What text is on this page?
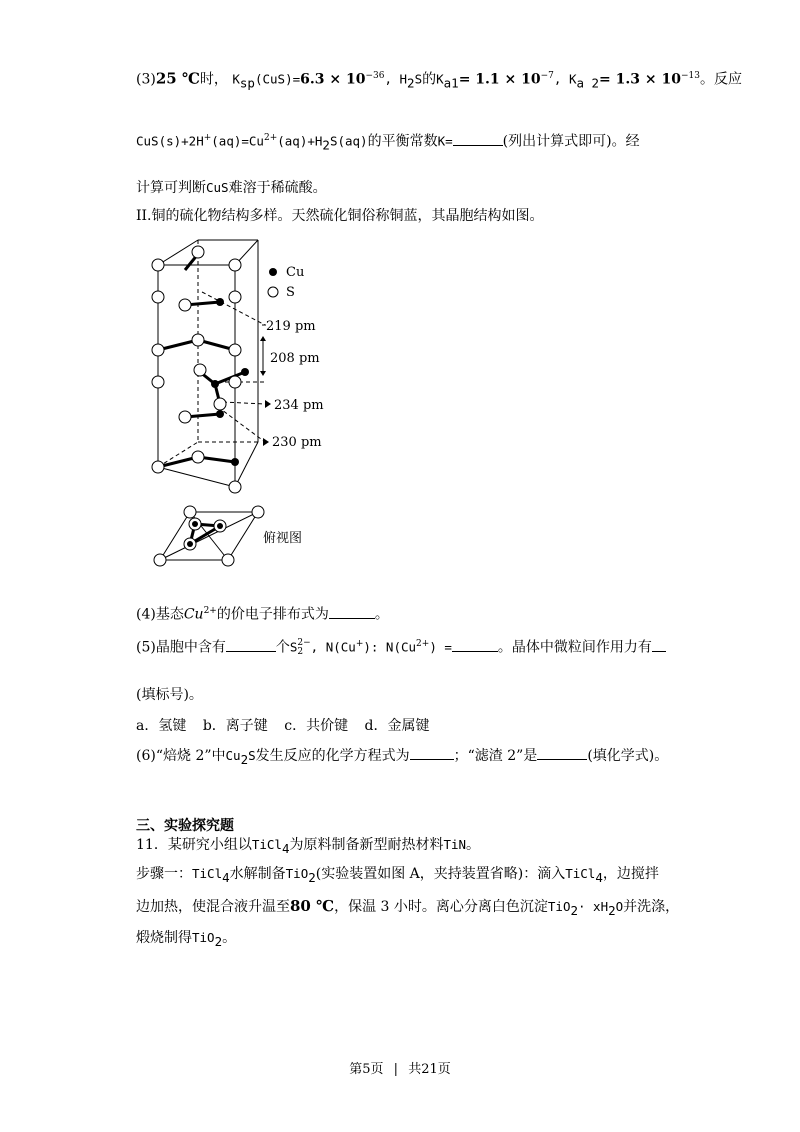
(3)25 ℃时， $K_{sp}(CuS)=6.3 \times 10^{-36}$, $H_2S$的$K_{a1}= 1.1 \times 10^{-7}$, $K_{a 2}= 1.3 \times 10^{-13}$。反应
$CuS(s)+2H^+(aq)=Cu^{2+}(aq)+H_2S(aq)$的平衡常数K=	(列出计算式即可)。经
计算可判断CuS难溶于稀硫酸。
II.铜的硫化物结构多样。天然硫化铜俗称铜蓝，其晶胞结构如图。
Cu
S
219 pm
208 pm
234 pm
230 pm
俯视图
(4)基态$Cu^{2+}$的价电子排布式为	。
(5)晶胞中含有	个S 2−
2 , N(Cu+): $N(Cu^{2+})$ =	。晶体中微粒间作用力有
(填标号)。
a．氢键 b．离子键 c．共价键 d．金属键
(6)“焙烧 2”中$Cu_2S$发生反应的化学方程式为	；“滤渣 2”是	(填化学式)。
三、实验探究题
11．某研究小组以TiCl$_4$为原料制备新型耐热材料TiN。
步骤一：TiCl$_4$水解制备TiO$_2$(实验装置如图 A，夹持装置省略)：滴入TiCl$_4$，边搅拌
边加热，使混合液升温至80 ℃，保温 3 小时。离心分离白色沉淀$TiO_2\cdot xH_2O$并洗涤，
煅烧制得TiO$_2$。
第5页 | 共21页
